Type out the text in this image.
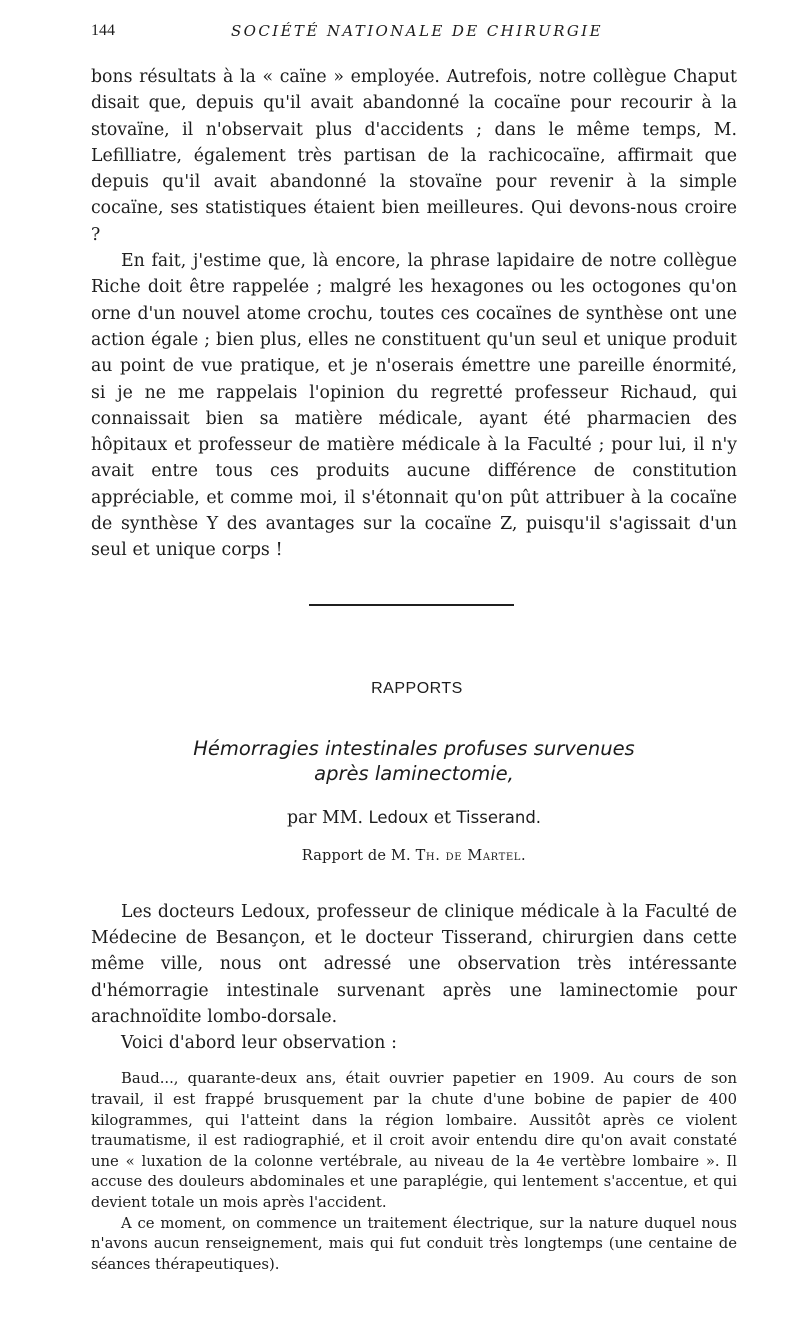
144	SOCIÉTÉ NATIONALE DE CHIRURGIE

bons résultats à la « caïne » employée. Autrefois, notre collègue Chaput disait que, depuis qu'il avait abandonné la cocaïne pour recourir à la stovaïne, il n'observait plus d'accidents ; dans le même temps, M. Lefilliatre, également très partisan de la rachicocaïne, affirmait que depuis qu'il avait abandonné la stovaïne pour revenir à la simple cocaïne, ses statistiques étaient bien meilleures. Qui devons-nous croire ?

En fait, j'estime que, là encore, la phrase lapidaire de notre collègue Riche doit être rappelée ; malgré les hexagones ou les octogones qu'on orne d'un nouvel atome crochu, toutes ces cocaïnes de synthèse ont une action égale ; bien plus, elles ne constituent qu'un seul et unique produit au point de vue pratique, et je n'oserais émettre une pareille énormité, si je ne me rappelais l'opinion du regretté professeur Richaud, qui connaissait bien sa matière médicale, ayant été pharmacien des hôpitaux et professeur de matière médicale à la Faculté ; pour lui, il n'y avait entre tous ces produits aucune différence de constitution appréciable, et comme moi, il s'étonnait qu'on pût attribuer à la cocaïne de synthèse Y des avantages sur la cocaïne Z, puisqu'il s'agissait d'un seul et unique corps !

RAPPORTS
Hémorragies intestinales profuses survenues
après laminectomie,
par MM. Ledoux et Tisserand.
Rapport de M. Th. de Martel.

Les docteurs Ledoux, professeur de clinique médicale à la Faculté de Médecine de Besançon, et le docteur Tisserand, chirurgien dans cette même ville, nous ont adressé une observation très intéressante d'hémorragie intestinale survenant après une laminectomie pour arachnoïdite lombo-dorsale.

Voici d'abord leur observation :

Baud..., quarante-deux ans, était ouvrier papetier en 1909. Au cours de son travail, il est frappé brusquement par la chute d'une bobine de papier de 400 kilogrammes, qui l'atteint dans la région lombaire. Aussitôt après ce violent traumatisme, il est radiographié, et il croit avoir entendu dire qu'on avait constaté une « luxation de la colonne vertébrale, au niveau de la 4e vertèbre lombaire ». Il accuse des douleurs abdominales et une paraplégie, qui lentement s'accentue, et qui devient totale un mois après l'accident.

A ce moment, on commence un traitement électrique, sur la nature duquel nous n'avons aucun renseignement, mais qui fut conduit très longtemps (une centaine de séances thérapeutiques).
